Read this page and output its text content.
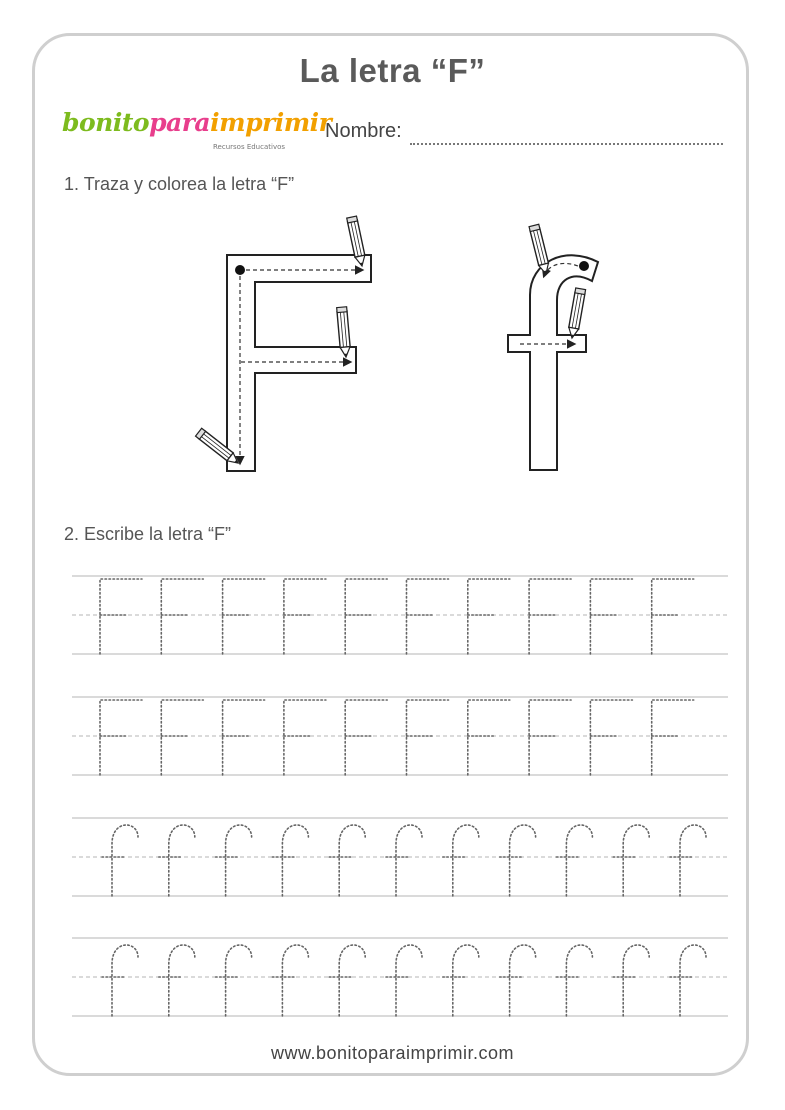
La letra “F”
bonitoparaimprimir
Recursos Educativos
Nombre:
1. Traza y colorea la letra “F”
2. Escribe la letra “F”
www.bonitoparaimprimir.com
